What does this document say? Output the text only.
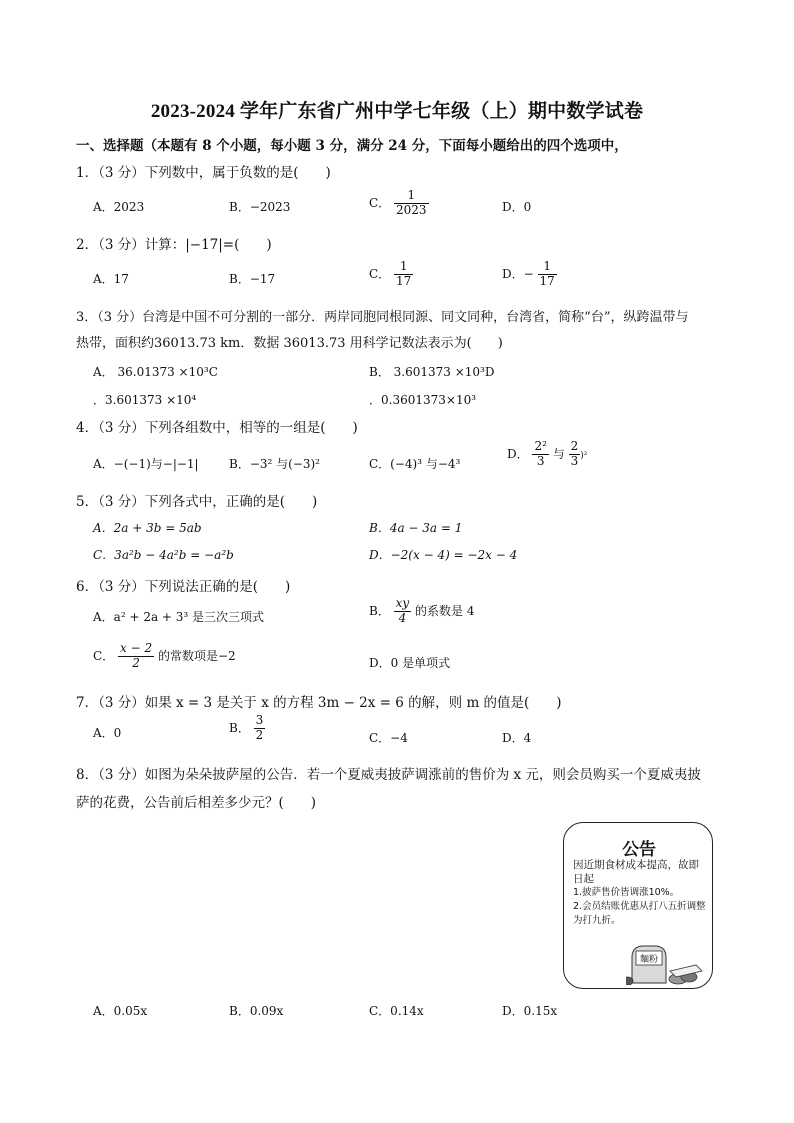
2023-2024 学年广东省广州中学七年级（上）期中数学试卷
一、选择题（本题有 8 个小题，每小题 3 分，满分 24 分，下面每小题给出的四个选项中，
1．（3 分）下列数中，属于负数的是(　　)
A．2023	B．−2023	C． $\frac{1}{2023}$	D．0
2．（3 分）计算：|−17|=(　　)
A．17	B．−17	C． $\frac{1}{17}$	D．− $\frac{1}{17}$
3．（3 分）台湾是中国不可分割的一部分．两岸同胞同根同源、同文同种，台湾省，简称“台”，纵跨温带与
热带，面积约36013.73 km．数据 36013.73 用科学记数法表示为(　　)
A． 36.01373 ×10³C	B． 3.601373 ×10³D
．3.601373 ×10⁴	．0.3601373×10³
4．（3 分）下列各组数中，相等的一组是(　　)
A．−(−1)与−|−1|	B．−3² 与(−3)²	C．(−4)³ 与−4³
D． $\frac{\text{2²}}{3}$ 与 $\frac{2}{3} )^2$
5．（3 分）下列各式中，正确的是(　　)
A．2a + 3b = 5ab	B．4a − 3a = 1
C．3a²b − 4a²b = −a²b	D．−2(x − 4) = −2x − 4
6．（3 分）下列说法正确的是(　　)
A．a² + 2a + 3³ 是三次三项式	B． $\frac{xy}{4}$ 的系数是 4
C． $\frac{x - 2}{2}$ 的常数项是−2
D．0 是单项式
7．（3 分）如果 x = 3 是关于 x 的方程 3m − 2x = 6 的解，则 m 的值是(　　)
A．0	B． $\frac{3}{2}$	C．−4	D．4
8．（3 分）如图为朵朵披萨屋的公告．若一个夏威夷披萨调涨前的售价为 x 元，则会员购买一个夏威夷披
萨的花费，公告前后相差多少元？(　　)
公告
因近期食材成本提高，故即日起
1.披萨售价皆调涨10%。
2.会员结账优惠从打八五折调整为打九折。
麵粉
A．0.05x	B．0.09x	C．0.14x	D．0.15x
